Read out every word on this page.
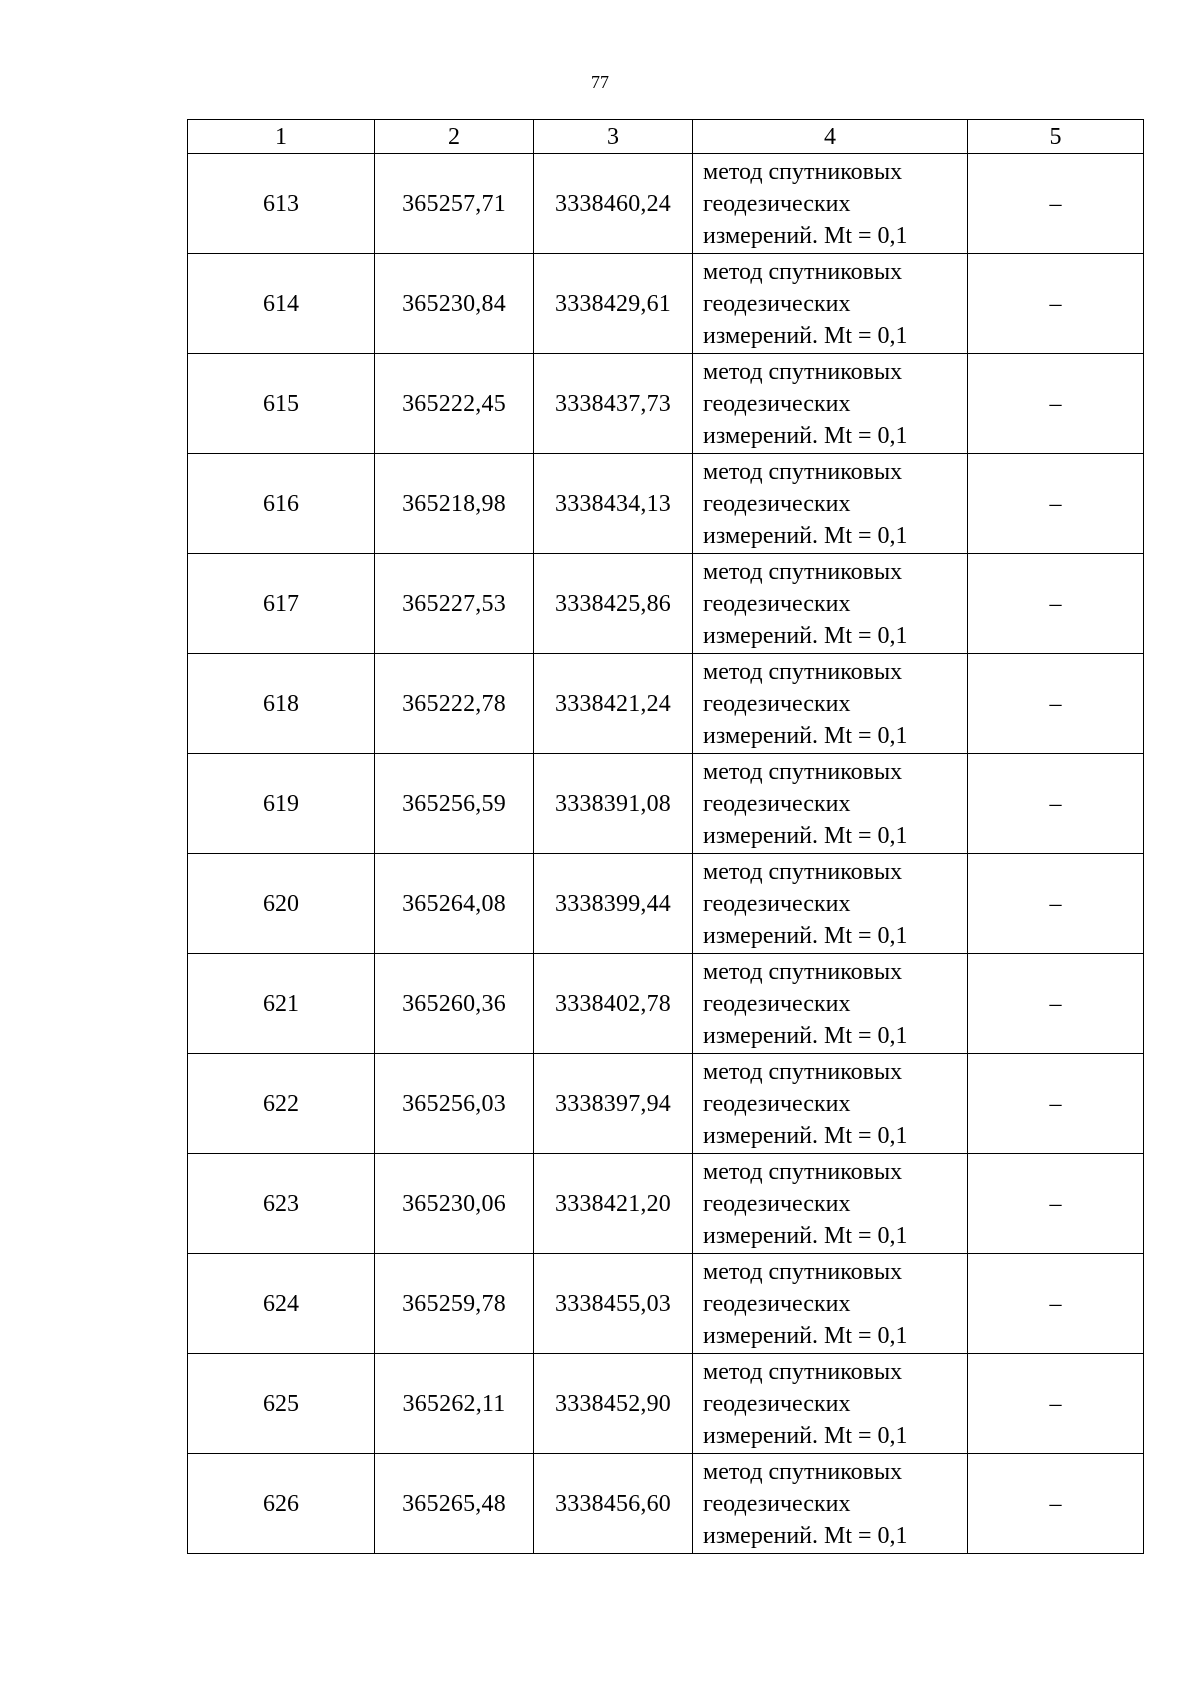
77
1	2	3	4	5
613	365257,71	3338460,24	метод спутниковых
геодезических
измерений. Mt = 0,1	–
614	365230,84	3338429,61	метод спутниковых
геодезических
измерений. Mt = 0,1	–
615	365222,45	3338437,73	метод спутниковых
геодезических
измерений. Mt = 0,1	–
616	365218,98	3338434,13	метод спутниковых
геодезических
измерений. Mt = 0,1	–
617	365227,53	3338425,86	метод спутниковых
геодезических
измерений. Mt = 0,1	–
618	365222,78	3338421,24	метод спутниковых
геодезических
измерений. Mt = 0,1	–
619	365256,59	3338391,08	метод спутниковых
геодезических
измерений. Mt = 0,1	–
620	365264,08	3338399,44	метод спутниковых
геодезических
измерений. Mt = 0,1	–
621	365260,36	3338402,78	метод спутниковых
геодезических
измерений. Mt = 0,1	–
622	365256,03	3338397,94	метод спутниковых
геодезических
измерений. Mt = 0,1	–
623	365230,06	3338421,20	метод спутниковых
геодезических
измерений. Mt = 0,1	–
624	365259,78	3338455,03	метод спутниковых
геодезических
измерений. Mt = 0,1	–
625	365262,11	3338452,90	метод спутниковых
геодезических
измерений. Mt = 0,1	–
626	365265,48	3338456,60	метод спутниковых
геодезических
измерений. Mt = 0,1	–
